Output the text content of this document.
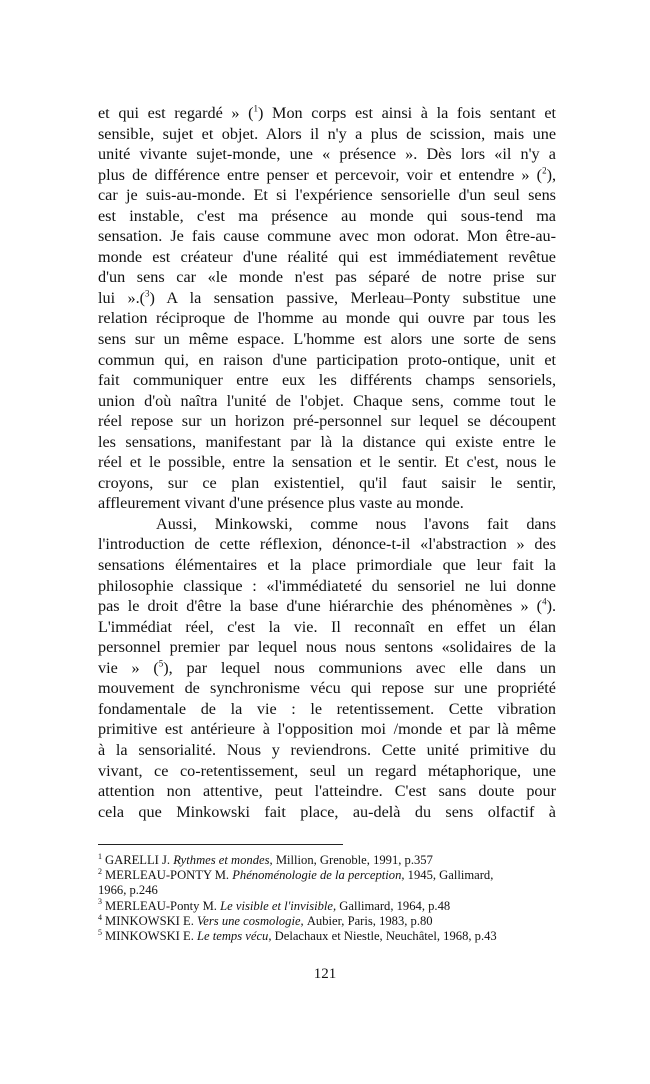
et qui est regardé » ($^1$) Mon corps est ainsi à la fois sentant et
sensible, sujet et objet. Alors il n'y a plus de scission, mais une
unité vivante sujet-monde, une « présence ». Dès lors «il n'y a
plus de différence entre penser et percevoir, voir et entendre » ($^2$),
car je suis-au-monde. Et si l'expérience sensorielle d'un seul sens
est instable, c'est ma présence au monde qui sous-tend ma
sensation. Je fais cause commune avec mon odorat. Mon être-au-
monde est créateur d'une réalité qui est immédiatement revêtue
d'un sens car «le monde n'est pas séparé de notre prise sur
lui ».($^3$) A la sensation passive, Merleau–Ponty substitue une
relation réciproque de l'homme au monde qui ouvre par tous les
sens sur un même espace. L'homme est alors une sorte de sens
commun qui, en raison d'une participation proto-ontique, unit et
fait communiquer entre eux les différents champs sensoriels,
union d'où naîtra l'unité de l'objet. Chaque sens, comme tout le
réel repose sur un horizon pré-personnel sur lequel se découpent
les sensations, manifestant par là la distance qui existe entre le
réel et le possible, entre la sensation et le sentir. Et c'est, nous le
croyons, sur ce plan existentiel, qu'il faut saisir le sentir,
affleurement vivant d'une présence plus vaste au monde.
Aussi, Minkowski, comme nous l'avons fait dans
l'introduction de cette réflexion, dénonce-t-il «l'abstraction » des
sensations élémentaires et la place primordiale que leur fait la
philosophie classique : «l'immédiateté du sensoriel ne lui donne
pas le droit d'être la base d'une hiérarchie des phénomènes » ($^4$).
L'immédiat réel, c'est la vie. Il reconnaît en effet un élan
personnel premier par lequel nous nous sentons «solidaires de la
vie » ($^5$), par lequel nous communions avec elle dans un
mouvement de synchronisme vécu qui repose sur une propriété
fondamentale de la vie : le retentissement. Cette vibration
primitive est antérieure à l'opposition moi /monde et par là même
à la sensorialité. Nous y reviendrons. Cette unité primitive du
vivant, ce co-retentissement, seul un regard métaphorique, une
attention non attentive, peut l'atteindre. C'est sans doute pour
cela que Minkowski fait place, au-delà du sens olfactif à
$^1$ GARELLI J. Rythmes et mondes, Million, Grenoble, 1991, p.357
$^2$ MERLEAU-PONTY M. Phénoménologie de la perception, 1945, Gallimard,
1966, p.246
$^3$ MERLEAU-Ponty M. Le visible et l'invisible, Gallimard, 1964, p.48
$^4$ MINKOWSKI E. Vers une cosmologie, Aubier, Paris, 1983, p.80
$^5$ MINKOWSKI E. Le temps vécu, Delachaux et Niestle, Neuchâtel, 1968, p.43
121
